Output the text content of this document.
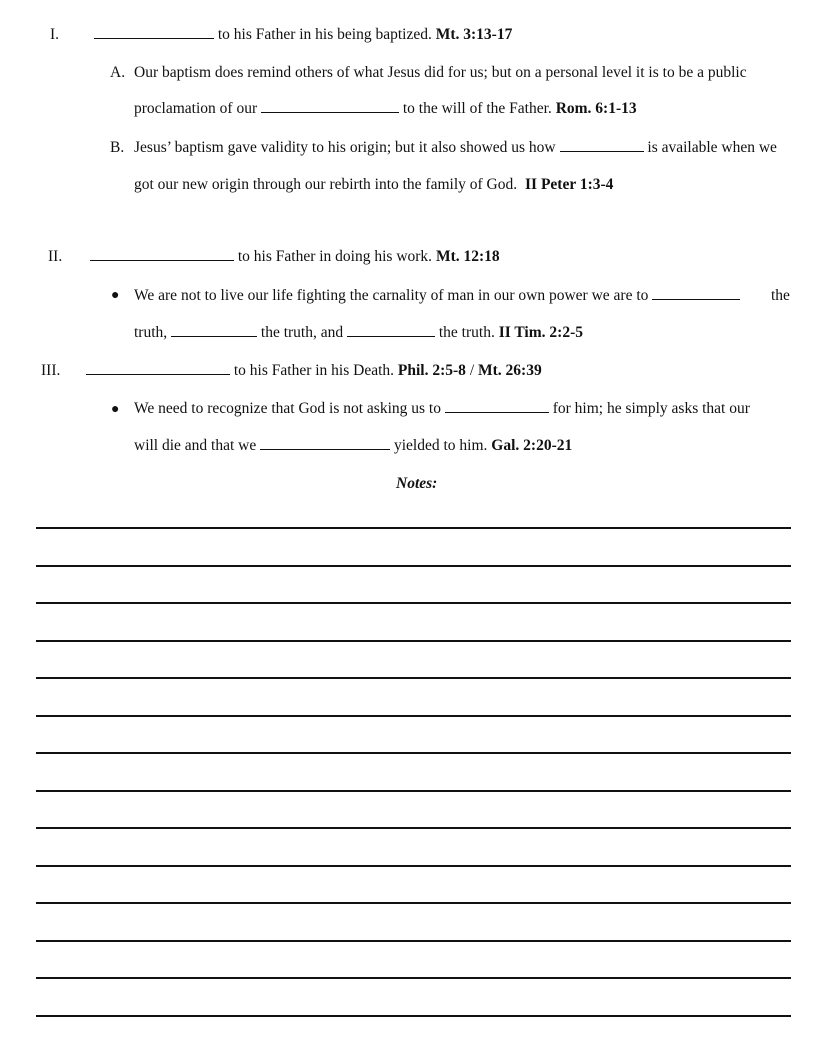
I.	to his Father in his being baptized. Mt. 3:13-17
A. Our baptism does remind others of what Jesus did for us; but on a personal level it is to be a public
proclamation of our	to the will of the Father. Rom. 6:1-13
B. Jesus’ baptism gave validity to his origin; but it also showed us how	is available when we
got our new origin through our rebirth into the family of God. II Peter 1:3-4
II.	to his Father in doing his work. Mt. 12:18
● We are not to live our life fighting the carnality of man in our own power we are to	the
truth,	the truth, and	the truth. II Tim. 2:2-5
III.	to his Father in his Death. Phil. 2:5-8 / Mt. 26:39
● We need to recognize that God is not asking us to	for him; he simply asks that our
will die and that we	yielded to him. Gal. 2:20-21
Notes:
